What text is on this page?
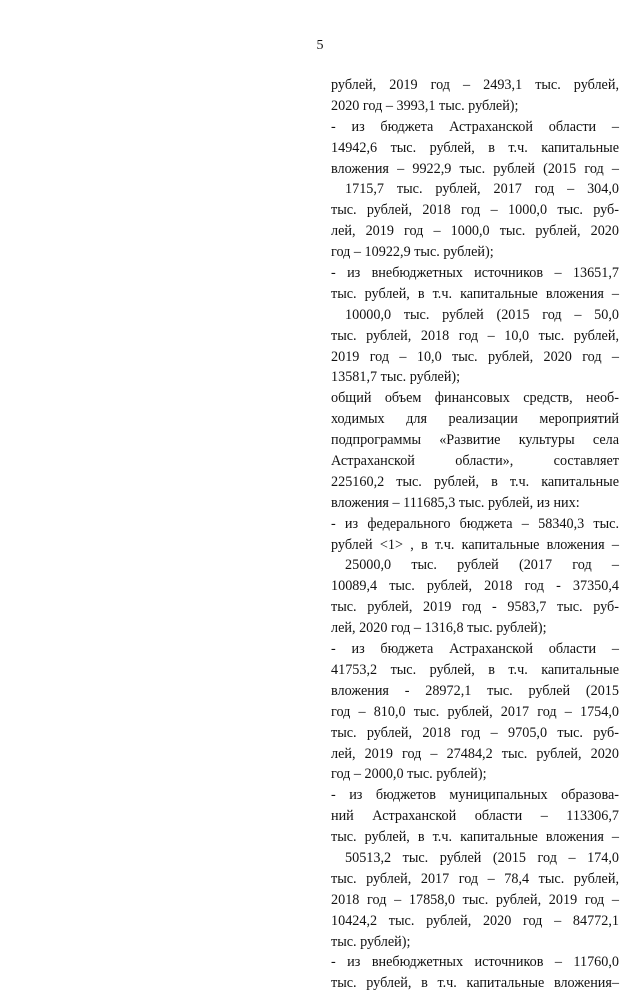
5
рублей, 2019 год – 2493,1 тыс. рублей,
2020 год – 3993,1 тыс. рублей);
- из бюджета Астраханской области –
14942,6 тыс. рублей, в т.ч. капитальные
вложения – 9922,9 тыс. рублей (2015 год –
1715,7 тыс. рублей, 2017 год – 304,0
тыс. рублей, 2018 год – 1000,0 тыс. руб-
лей, 2019 год – 1000,0 тыс. рублей, 2020
год – 10922,9 тыс. рублей);
- из внебюджетных источников – 13651,7
тыс. рублей, в т.ч. капитальные вложения –
10000,0 тыс. рублей (2015 год – 50,0
тыс. рублей, 2018 год – 10,0 тыс. рублей,
2019 год – 10,0 тыс. рублей, 2020 год –
13581,7 тыс. рублей);
общий объем финансовых средств, необ-
ходимых для реализации мероприятий
подпрограммы «Развитие культуры села
Астраханской области», составляет
225160,2 тыс. рублей, в т.ч. капитальные
вложения – 111685,3 тыс. рублей, из них:
- из федерального бюджета – 58340,3 тыс.
рублей <1> , в т.ч. капитальные вложения –
25000,0 тыс. рублей (2017 год –
10089,4 тыс. рублей, 2018 год - 37350,4
тыс. рублей, 2019 год - 9583,7 тыс. руб-
лей, 2020 год – 1316,8 тыс. рублей);
- из бюджета Астраханской области –
41753,2 тыс. рублей, в т.ч. капитальные
вложения - 28972,1 тыс. рублей (2015
год – 810,0 тыс. рублей, 2017 год – 1754,0
тыс. рублей, 2018 год – 9705,0 тыс. руб-
лей, 2019 год – 27484,2 тыс. рублей, 2020
год – 2000,0 тыс. рублей);
- из бюджетов муниципальных образова-
ний Астраханской области – 113306,7
тыс. рублей, в т.ч. капитальные вложения –
50513,2 тыс. рублей (2015 год – 174,0
тыс. рублей, 2017 год – 78,4 тыс. рублей,
2018 год – 17858,0 тыс. рублей, 2019 год –
10424,2 тыс. рублей, 2020 год – 84772,1
тыс. рублей);
- из внебюджетных источников – 11760,0
тыс. рублей, в т.ч. капитальные вложения–
